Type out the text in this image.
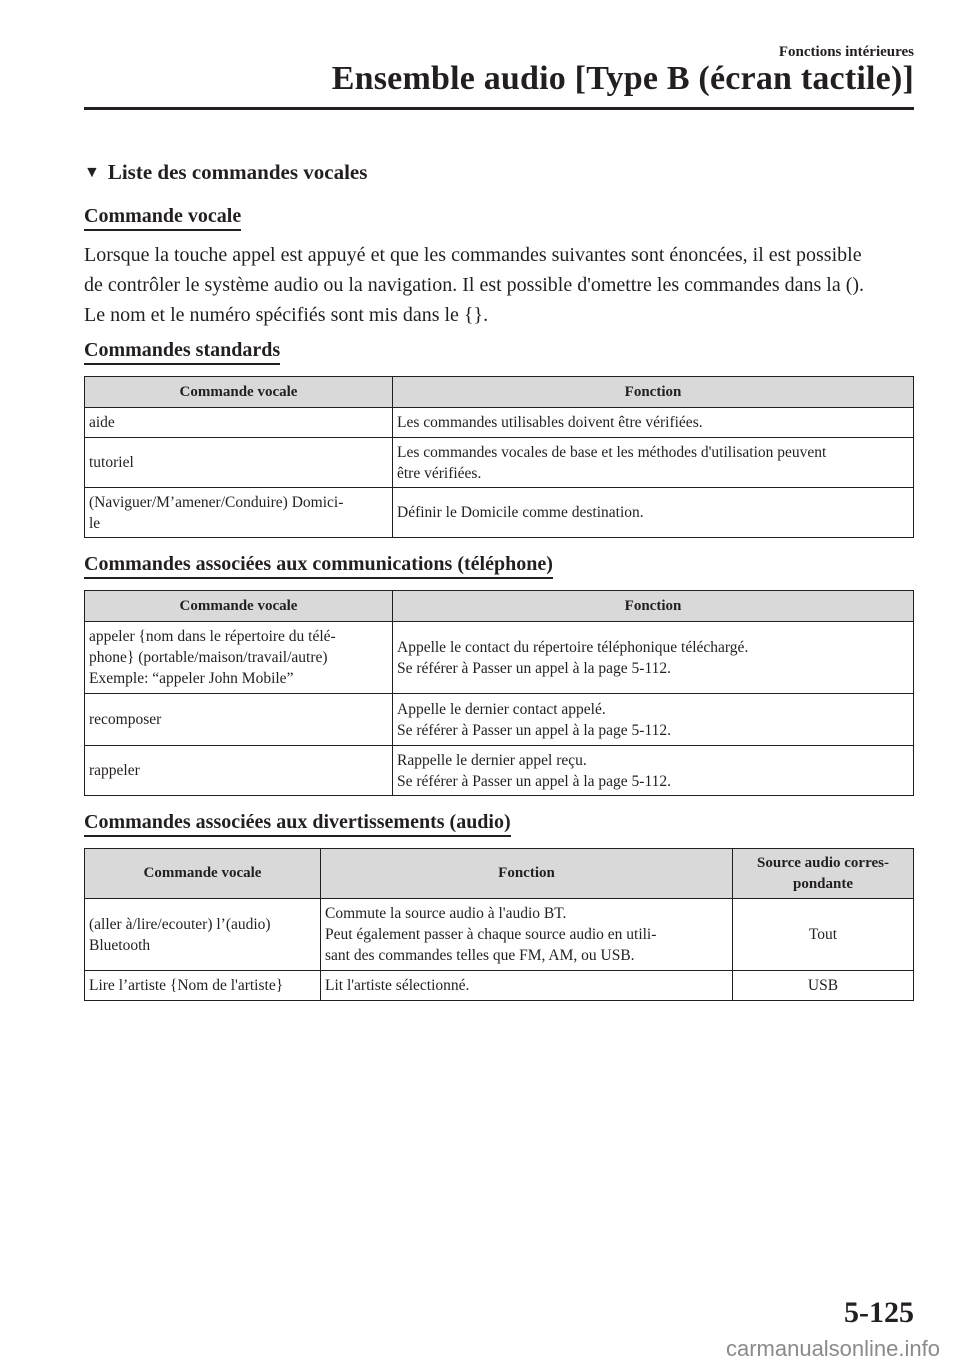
Fonctions intérieures
Ensemble audio [Type B (écran tactile)]
▼ Liste des commandes vocales
Commande vocale
Lorsque la touche appel est appuyé et que les commandes suivantes sont énoncées, il est possible de contrôler le système audio ou la navigation. Il est possible d'omettre les commandes dans la (). Le nom et le numéro spécifiés sont mis dans le {}.
Commandes standards
Commande vocale	Fonction
aide	Les commandes utilisables doivent être vérifiées.
tutoriel	Les commandes vocales de base et les méthodes d'utilisation peuvent
être vérifiées.
(Naviguer/M’amener/Conduire) Domici-
le	Définir le Domicile comme destination.
Commandes associées aux communications (téléphone)
Commande vocale	Fonction
appeler {nom dans le répertoire du télé-
phone} (portable/maison/travail/autre)
Exemple: “appeler John Mobile”	Appelle le contact du répertoire téléphonique téléchargé.
Se référer à Passer un appel à la page 5-112.
recomposer	Appelle le dernier contact appelé.
Se référer à Passer un appel à la page 5-112.
rappeler	Rappelle le dernier appel reçu.
Se référer à Passer un appel à la page 5-112.
Commandes associées aux divertissements (audio)
Commande vocale	Fonction	Source audio corres-
pondante
(aller à/lire/ecouter) l’(audio)
Bluetooth	Commute la source audio à l'audio BT.
Peut également passer à chaque source audio en utili-
sant des commandes telles que FM, AM, ou USB.	Tout
Lire l’artiste {Nom de l'artiste}	Lit l'artiste sélectionné.	USB
5-125
carmanualsonline.info
